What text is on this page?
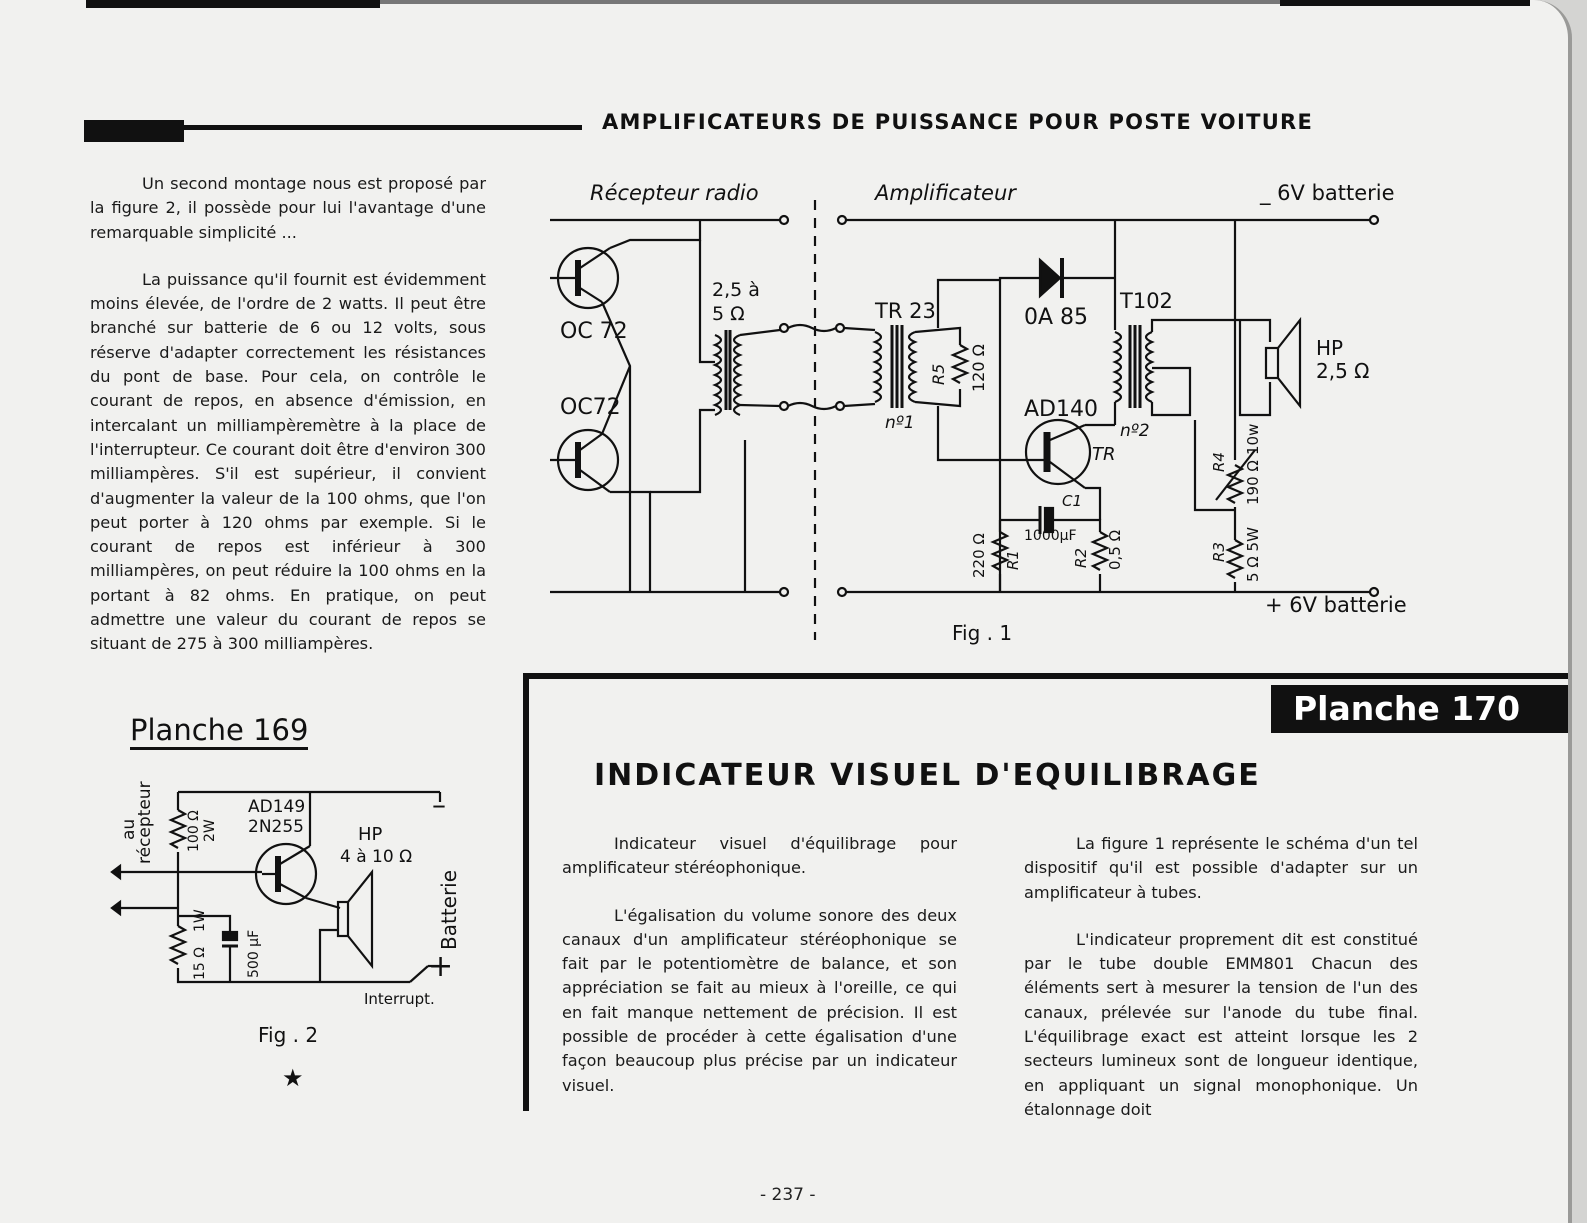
AMPLIFICATEURS DE PUISSANCE POUR POSTE VOITURE

Un second montage nous est proposé par la figure 2, il possède pour lui l'avantage d'une remarquable simplicité ...

La puissance qu'il fournit est évidemment moins élevée, de l'ordre de 2 watts. Il peut être branché sur batterie de 6 ou 12 volts, sous réserve d'adapter correctement les résistances du pont de base. Pour cela, on contrôle le courant de repos, en absence d'émission, en intercalant un milliampèremètre à la place de l'interrupteur. Ce courant doit être d'environ 300 milliampères. S'il est supérieur, il convient d'augmenter la valeur de la 100 ohms, que l'on peut porter à 120 ohms par exemple. Si le courant de repos est inférieur à 300 milliampères, on peut réduire la 100 ohms en la portant à 82 ohms. En pratique, on peut admettre une valeur du courant de repos se situant de 275 à 300 milliampères.

Récepteur radio	Amplificateur	_ 6V batterie
+ 6V batterie
OC 72
OC72
2,5 à
5 Ω	TR 23
nº1
R5 120 Ω
0A 85
T102
nº2
HP
2,5 Ω
AD140
TR
C1
1000µF
R1
220 Ω	R2 0,5 Ω
R4 190 Ω
10w
R3 5 Ω 5W
Fig . 1
Planche 169
au
récepteur 100 Ω 2W
AD149
2N255	HP
4 à 10 Ω
–
Batterie
+
15 Ω
1W
500 µF
Interrupt.
Fig . 2
★
Planche 170
INDICATEUR VISUEL D'EQUILIBRAGE

Indicateur visuel d'équilibrage pour amplificateur stéréophonique.

L'égalisation du volume sonore des deux canaux d'un amplificateur stéréophonique se fait par le potentiomètre de balance, et son appréciation se fait au mieux à l'oreille, ce qui en fait manque nettement de précision. Il est possible de procéder à cette égalisation d'une façon beaucoup plus précise par un indicateur visuel.

La figure 1 représente le schéma d'un tel dispositif qu'il est possible d'adapter sur un amplificateur à tubes.

L'indicateur proprement dit est constitué par le tube double EMM801 Chacun des éléments sert à mesurer la tension de l'un des canaux, prélevée sur l'anode du tube final. L'équilibrage exact est atteint lorsque les 2 secteurs lumineux sont de longueur identique, en appliquant un signal monophonique. Un étalonnage doit

- 237 -
